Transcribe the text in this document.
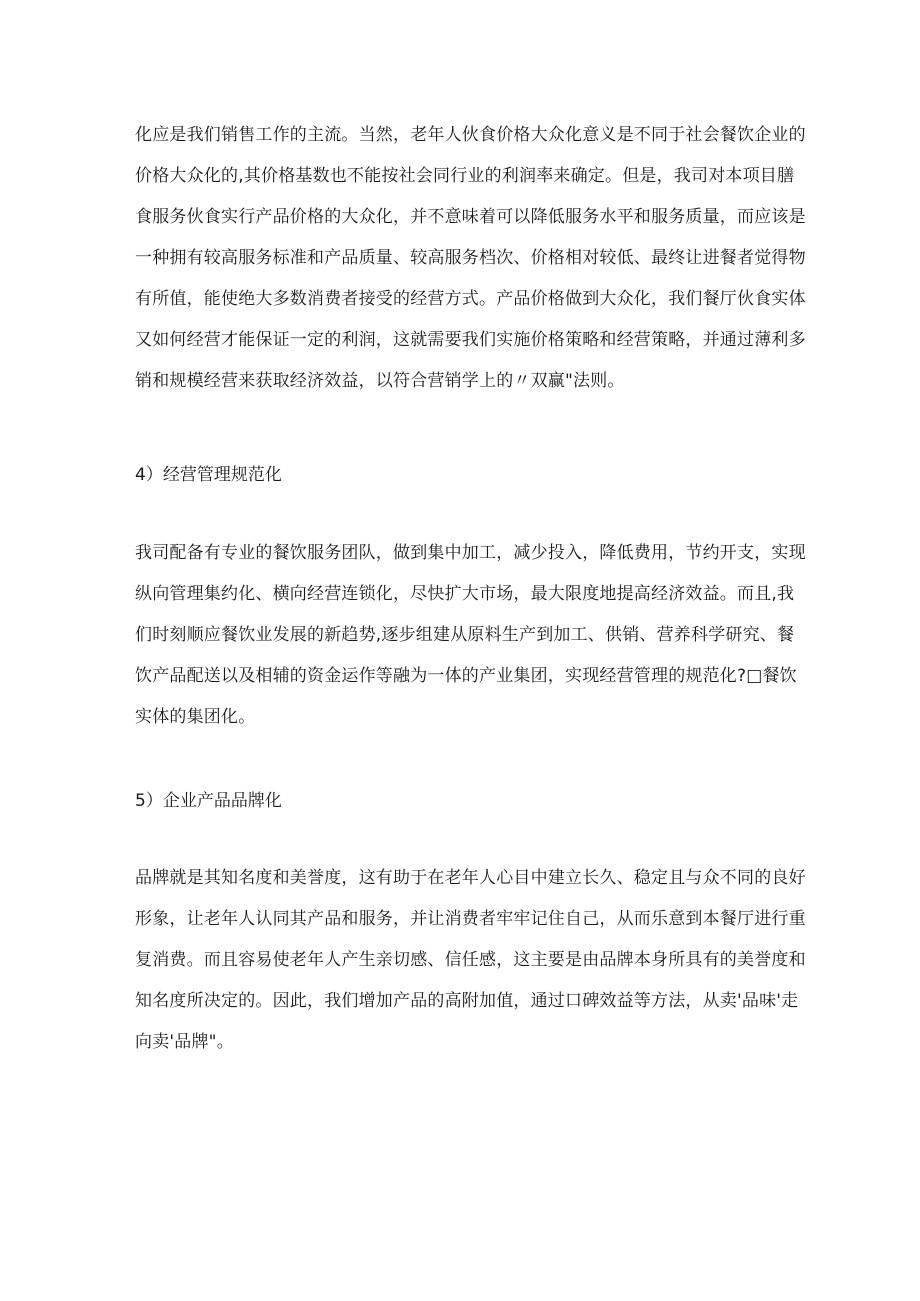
化应是我们销售工作的主流。当然，老年人伙食价格大众化意义是不同于社会餐饮企业的
价格大众化的,其价格基数也不能按社会同行业的利润率来确定。但是，我司对本项目膳
食服务伙食实行产品价格的大众化，并不意味着可以降低服务水平和服务质量，而应该是
一种拥有较高服务标准和产品质量、较高服务档次、价格相对较低、最终让进餐者觉得物
有所值，能使绝大多数消费者接受的经营方式。产品价格做到大众化，我们餐厅伙食实体
又如何经营才能保证一定的利润，这就需要我们实施价格策略和经营策略，并通过薄利多
销和规模经营来获取经济效益，以符合营销学上的〃双赢"法则。

4）经营管理规范化

我司配备有专业的餐饮服务团队，做到集中加工，减少投入，降低费用，节约开支，实现
纵向管理集约化、横向经营连锁化，尽快扩大市场，最大限度地提高经济效益。而且,我
们时刻顺应餐饮业发展的新趋势,逐步组建从原料生产到加工、供销、营养科学研究、餐
饮产品配送以及相辅的资金运作等融为一体的产业集团，实现经营管理的规范化?□餐饮
实体的集团化。

5）企业产品品牌化

品牌就是其知名度和美誉度，这有助于在老年人心目中建立长久、稳定且与众不同的良好
形象，让老年人认同其产品和服务，并让消费者牢牢记住自己，从而乐意到本餐厅进行重
复消费。而且容易使老年人产生亲切感、信任感，这主要是由品牌本身所具有的美誉度和
知名度所决定的。因此，我们增加产品的高附加值，通过口碑效益等方法，从卖'品味'走
向卖'品牌"。
